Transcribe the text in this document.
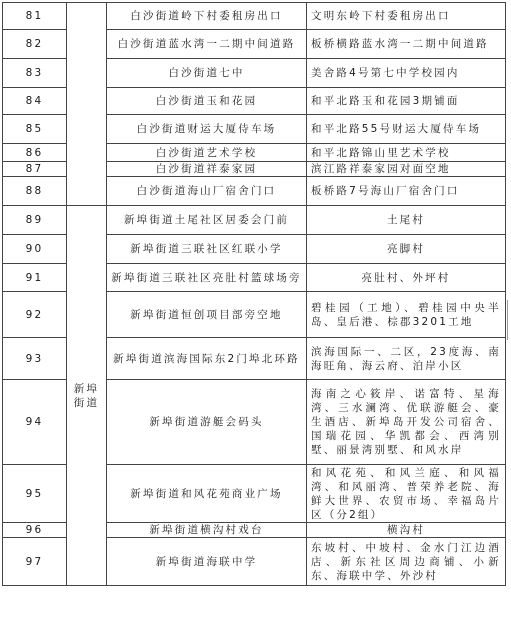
81		白沙街道岭下村委租房出口	文明东岭下村委租房出口
82		白沙街道蓝水湾一二期中间道路	板桥横路蓝水湾一二期中间道路
83		白沙街道七中	美舍路4号第七中学校园内
84		白沙街道玉和花园	和平北路玉和花园3期铺面
85		白沙街道财运大厦侍车场	和平北路55号财运大厦侍车场
86		白沙街道艺术学校	和平北路锦山里艺术学校
87		白沙街道祥泰家园	滨江路祥泰家园对面空地
88		白沙街道海山厂宿舍门口	板桥路7号海山厂宿舍门口
89	新埠街道	新埠街道土尾社区居委会门前	土尾村
90		新埠街道三联社区红联小学	亮脚村
91		新埠街道三联社区亮肚村篮球场旁	亮肚村、外坪村
92		新埠街道恒创项目部旁空地	碧桂园（工地）、碧桂园中央半岛、皇后港、棕郡3201工地
93		新埠街道滨海国际东2门埠北环路	滨海国际一、二区，23度海、南海旺角、海云府、泊岸小区
94		新埠街道游艇会码头	海南之心筱岸、诺富特、星海湾、三水澜湾、优联游艇会、豪生酒店、新埠岛开发公司宿舍、国瑞花园、华凯都会、西湾别墅、丽景湾别墅、和风水岸
95		新埠街道和风花苑商业广场	和风花苑、和风兰庭、和风福湾、和风丽湾、普荣养老院、海鲜大世界、农贸市场、幸福岛片区（分2组）
96		新埠街道横沟村戏台	横沟村
97		新埠街道海联中学	东坡村、中坡村、金水门江边酒店、新东社区周边商铺、小新东、海联中学、外沙村
